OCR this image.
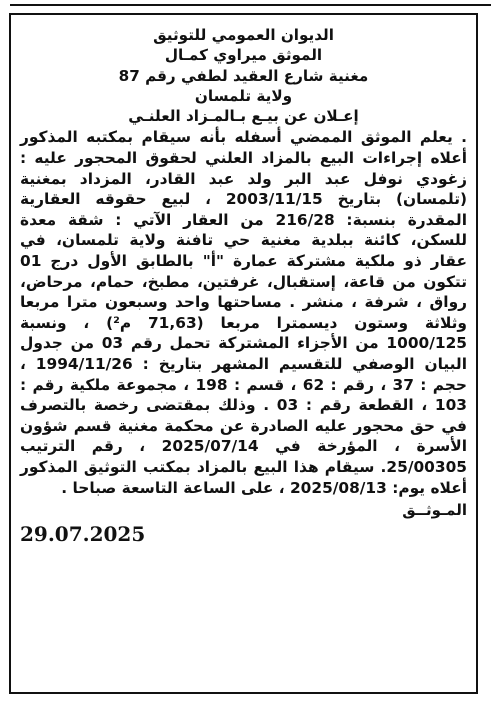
الديوان العمومي للتوثيق

الموثق ميراوي كمـال

مغنية شارع العقيد لطفي رقم 87

ولاية تلمسان

إعـلان عن بيـع بـالمـزاد العلنـي

. يعلم الموثق الممضي أسفله بأنه سيقام بمكتبه المذكور أعلاه إجراءات البيع بالمزاد العلني لحقوق المحجور عليه : زغودي نوفل عبد البر ولد عبد القادر، المزداد بمغنية (تلمسان) بتاريخ 2003/11/15 ، لبيع حقوقه العقارية المقدرة بنسبة: 216/28 من العقار الآتي : شقة معدة للسكن، كائنة ببلدية مغنية حي تافنة ولاية تلمسان، في عقار ذو ملكية مشتركة عمارة "أ" بالطابق الأول درج 01 تتكون من قاعة، إستقبال، غرفتين، مطبخ، حمام، مرحاض، رواق ، شرفة ، منشر . مساحتها واحد وسبعون مترا مربعا وثلاثة وستون ديسمترا مربعا (71,63 م²) ، ونسبة 1000/125 من الأجزاء المشتركة تحمل رقم 03 من جدول البيان الوصفي للتقسيم المشهر بتاريخ : 1994/11/26 ، حجم : 37 ، رقم : 62 ، قسم : 198 ، مجموعة ملكية رقم : 103 ، القطعة رقم : 03 . وذلك بمقتضى رخصة بالتصرف في حق محجور عليه الصادرة عن محكمة مغنية قسم شؤون الأسرة ، المؤرخة في 2025/07/14 ، رقم الترتيب 25/00305. سيقام هذا البيع بالمزاد بمكتب التوثيق المذكور أعلاه يوم: 2025/08/13 ، على الساعة التاسعة صباحا .

المـوثــق
29.07.2025
